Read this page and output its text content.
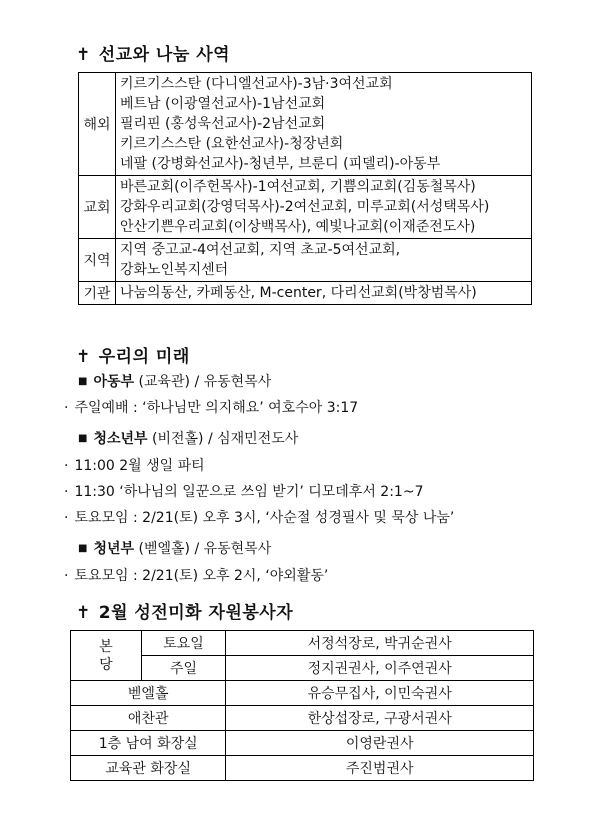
✝ 선교와 나눔 사역
해외	키르기스스탄 (다니엘선교사)-3남·3여선교회
베트남 (이광열선교사)-1남선교회
필리핀 (홍성욱선교사)-2남선교회
키르기스스탄 (요한선교사)-청장년회
네팔 (강병화선교사)-청년부, 브룬디 (피델리)-아동부

교회	바른교회(이주헌목사)-1여선교회, 기쁨의교회(김동철목사)
강화우리교회(강영덕목사)-2여선교회, 미루교회(서성택목사)
안산기쁜우리교회(이상백목사), 예빛나교회(이재준전도사)

지역	지역 중고교-4여선교회, 지역 초교-5여선교회,
강화노인복지센터

기관	나눔의동산, 카페동산, M-center, 다리선교회(박창범목사)
✝ 우리의 미래
■ 아동부 (교육관) / 유동현목사
· 주일예배 : ‘하나님만 의지해요’ 여호수아 3:17
■ 청소년부 (비전홀) / 심재민전도사
· 11:00 2월 생일 파티
· 11:30 ‘하나님의 일꾼으로 쓰임 받기’ 디모데후서 2:1~7
· 토요모임 : 2/21(토) 오후 3시, ‘사순절 성경필사 및 묵상 나눔’
■ 청년부 (벧엘홀) / 유동현목사
· 토요모임 : 2/21(토) 오후 2시, ‘야외활동’
✝ 2월 성전미화 자원봉사자
본
당	토요일	서정석장로, 박귀순권사
	주일	정지권권사, 이주연권사
벧엘홀		유승무집사, 이민숙권사
애찬관		한상섭장로, 구광서권사
1층 남여 화장실		이영란권사
교육관 화장실		주진범권사
